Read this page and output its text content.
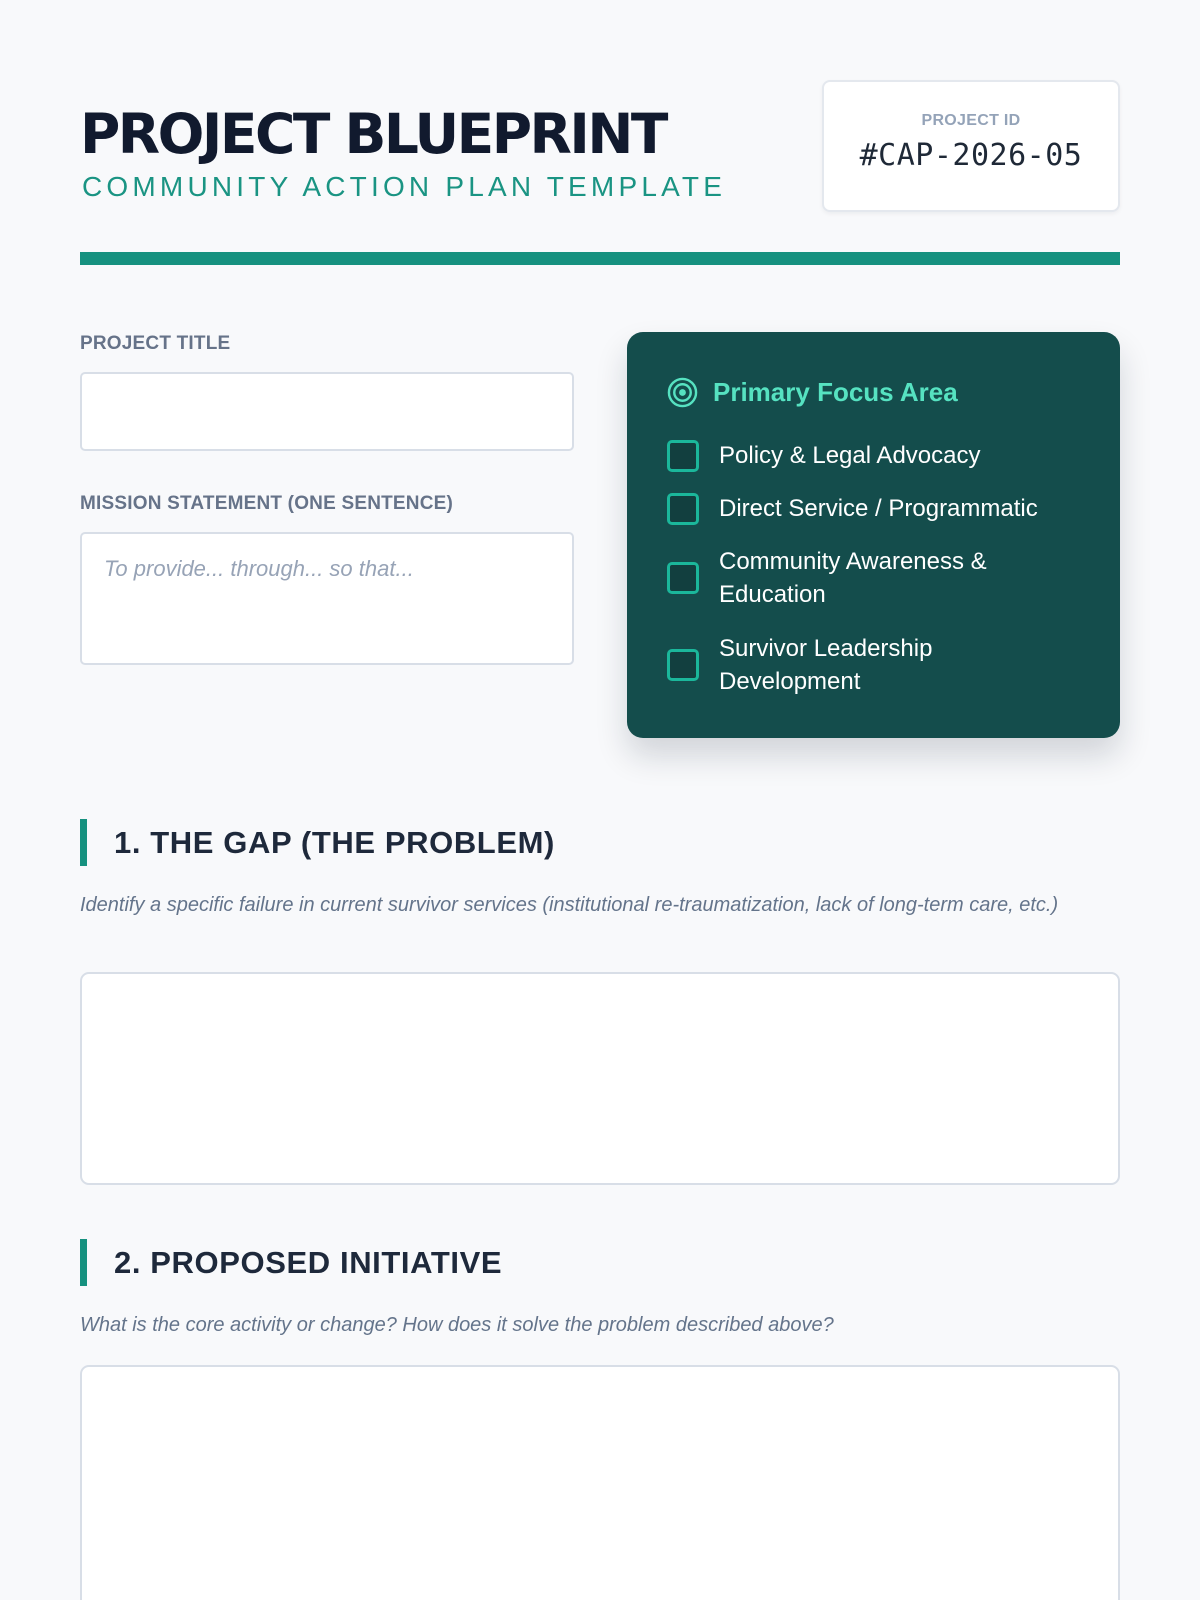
PROJECT BLUEPRINT
COMMUNITY ACTION PLAN TEMPLATE
PROJECT ID
#CAP-2026-05
PROJECT TITLE
MISSION STATEMENT (ONE SENTENCE)
To provide... through... so that...
Primary Focus Area
Policy & Legal Advocacy
Direct Service / Programmatic
Community Awareness &
Education
Survivor Leadership
Development
1. THE GAP (THE PROBLEM)
Identify a specific failure in current survivor services (institutional re-traumatization, lack of long-term care, etc.)
2. PROPOSED INITIATIVE
What is the core activity or change? How does it solve the problem described above?
